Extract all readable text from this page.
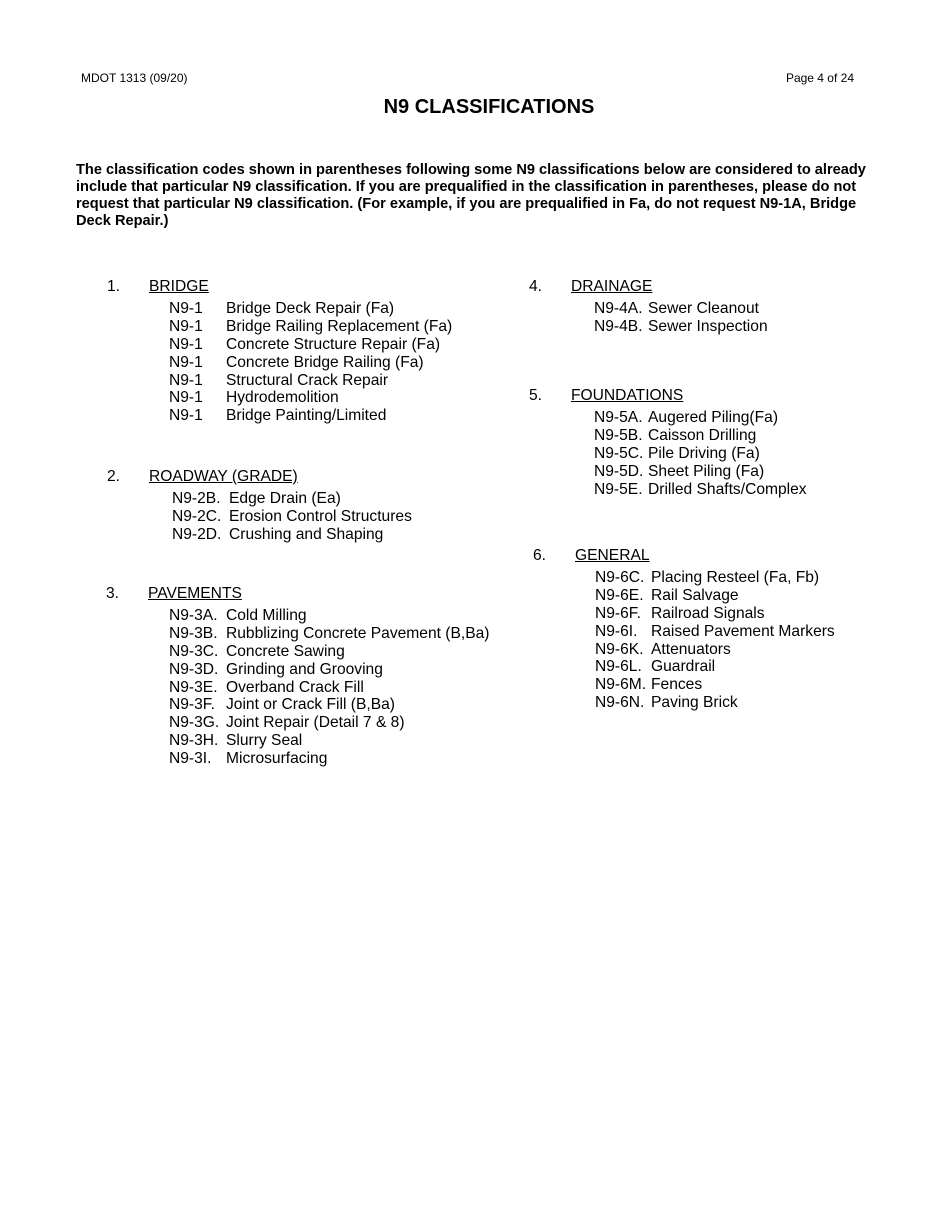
MDOT 1313 (09/20)	Page 4 of 24
N9 CLASSIFICATIONS
The classification codes shown in parentheses following some N9 classifications below are considered to already include that particular N9 classification. If you are prequalified in the classification in parentheses, please do not request that particular N9 classification. (For example, if you are prequalified in Fa, do not request N9-1A, Bridge Deck Repair.)
1. BRIDGE
N9-1 Bridge Deck Repair (Fa)
N9-1 Bridge Railing Replacement (Fa)
N9-1 Concrete Structure Repair (Fa)
N9-1 Concrete Bridge Railing (Fa)
N9-1 Structural Crack Repair
N9-1 Hydrodemolition
N9-1 Bridge Painting/Limited
2. ROADWAY (GRADE)
N9-2B. Edge Drain (Ea)
N9-2C. Erosion Control Structures
N9-2D. Crushing and Shaping
3. PAVEMENTS
N9-3A. Cold Milling
N9-3B. Rubblizing Concrete Pavement (B,Ba)
N9-3C. Concrete Sawing
N9-3D. Grinding and Grooving
N9-3E. Overband Crack Fill
N9-3F. Joint or Crack Fill (B,Ba)
N9-3G. Joint Repair (Detail 7 & 8)
N9-3H. Slurry Seal
N9-3I. Microsurfacing
4. DRAINAGE
N9-4A. Sewer Cleanout
N9-4B. Sewer Inspection
5. FOUNDATIONS
N9-5A. Augered Piling(Fa)
N9-5B. Caisson Drilling
N9-5C. Pile Driving (Fa)
N9-5D. Sheet Piling (Fa)
N9-5E. Drilled Shafts/Complex
6. GENERAL
N9-6C. Placing Resteel (Fa, Fb)
N9-6E. Rail Salvage
N9-6F. Railroad Signals
N9-6I. Raised Pavement Markers
N9-6K. Attenuators
N9-6L. Guardrail
N9-6M. Fences
N9-6N. Paving Brick
